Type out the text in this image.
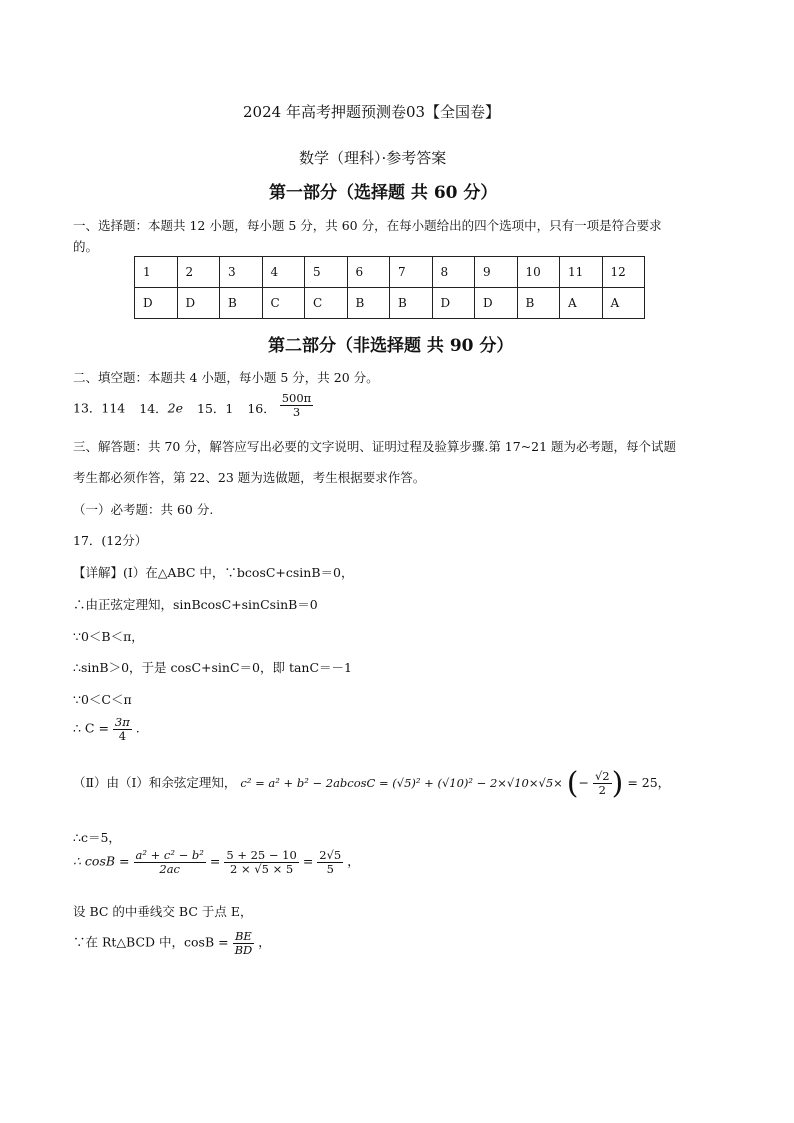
2024 年高考押题预测卷03【全国卷】
数学（理科）·参考答案
第一部分（选择题 共 60 分）
一、选择题：本题共 12 小题，每小题 5 分，共 60 分，在每小题给出的四个选项中，只有一项是符合要求
的。
1	2	3	4	5	6	7	8	9	10	11	12
D	D	B	C	C	B	B	D	D	B	A	A
第二部分（非选择题 共 90 分）
二、填空题：本题共 4 小题，每小题 5 分，共 20 分。
13．114 14．2e 15．1 16． $\frac{500\pi}{3}$
三、解答题：共 70 分，解答应写出必要的文字说明、证明过程及验算步骤.第 17~21 题为必考题，每个试题
考生都必须作答，第 22、23 题为选做题，考生根据要求作答。
（一）必考题：共 60 分.
17．(12分）
【详解】(Ⅰ）在△ABC 中，∵bcosC+csinB＝0，
∴由正弦定理知，sinBcosC+sinCsinB＝0
∵0＜B＜π，
∴sinB＞0，于是 cosC+sinC＝0，即 tanC＝－1
∵0＜C＜π
∴ $C = \frac{3\pi}{4}$ .
（Ⅱ）由（Ⅰ）和余弦定理知， c² = a² + b² − 2abcosC = (√5)² + (√10)² − 2×√10×√5× (− $\frac{√2}{2}$ ) = 25，
∴c＝5，
∴ $\cos B = \frac{\text{a² + c² − b²}}{2ac} = \frac{5 + 25 - 10}{2 \times √5 \times 5} = \frac{2√5}{5}$ ，
设 BC 的中垂线交 BC 于点 E，
∵在 Rt△BCD 中，$\cos B = \frac{BE}{BD}$ ，
